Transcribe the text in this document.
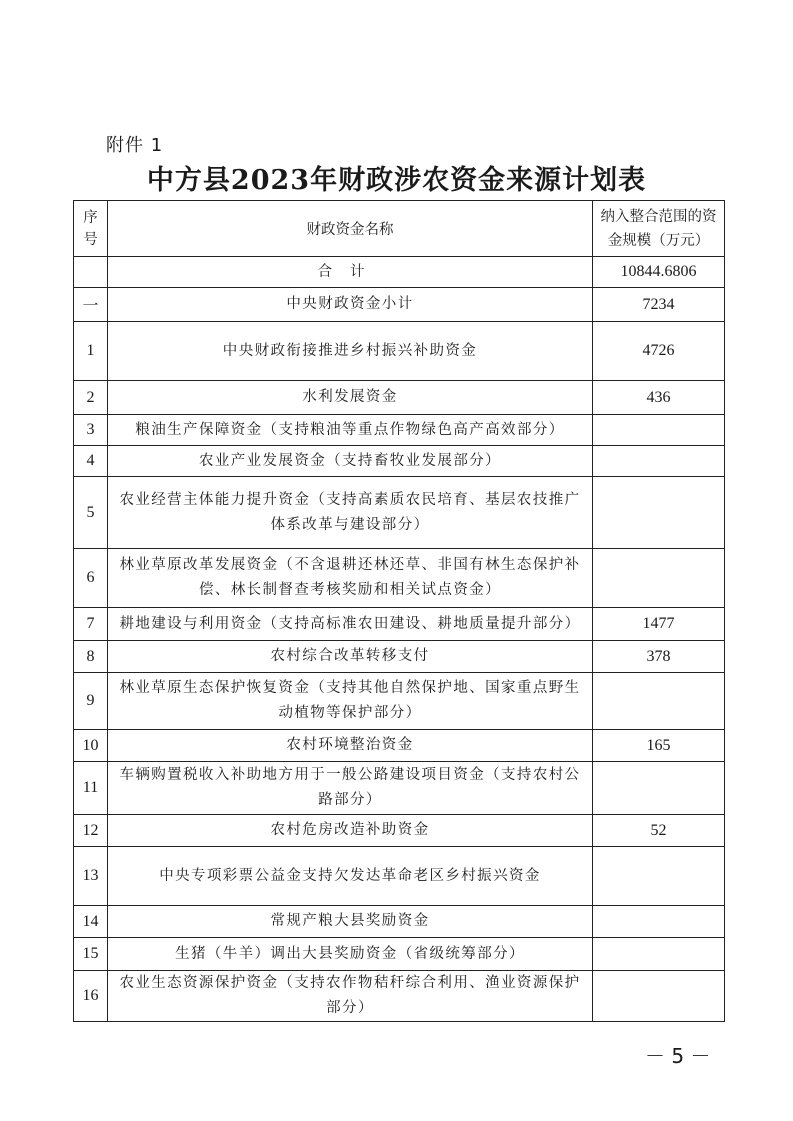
附件 1
中方县2023年财政涉农资金来源计划表
序号	财政资金名称	纳入整合范围的资金规模（万元）
	合计	10844.6806
一	中央财政资金小计	7234
1	中央财政衔接推进乡村振兴补助资金	4726
2	水利发展资金	436
3	粮油生产保障资金（支持粮油等重点作物绿色高产高效部分）	
4	农业产业发展资金（支持畜牧业发展部分）	
5	农业经营主体能力提升资金（支持高素质农民培育、基层农技推广体系改革与建设部分）	
6	林业草原改革发展资金（不含退耕还林还草、非国有林生态保护补偿、林长制督查考核奖励和相关试点资金）	
7	耕地建设与利用资金（支持高标准农田建设、耕地质量提升部分）	1477
8	农村综合改革转移支付	378
9	林业草原生态保护恢复资金（支持其他自然保护地、国家重点野生动植物等保护部分）	
10	农村环境整治资金	165
11	车辆购置税收入补助地方用于一般公路建设项目资金（支持农村公路部分）	
12	农村危房改造补助资金	52
13	中央专项彩票公益金支持欠发达革命老区乡村振兴资金	
14	常规产粮大县奖励资金	
15	生猪（牛羊）调出大县奖励资金（省级统筹部分）	
16	农业生态资源保护资金（支持农作物秸秆综合利用、渔业资源保护部分）	
－ 5 －
